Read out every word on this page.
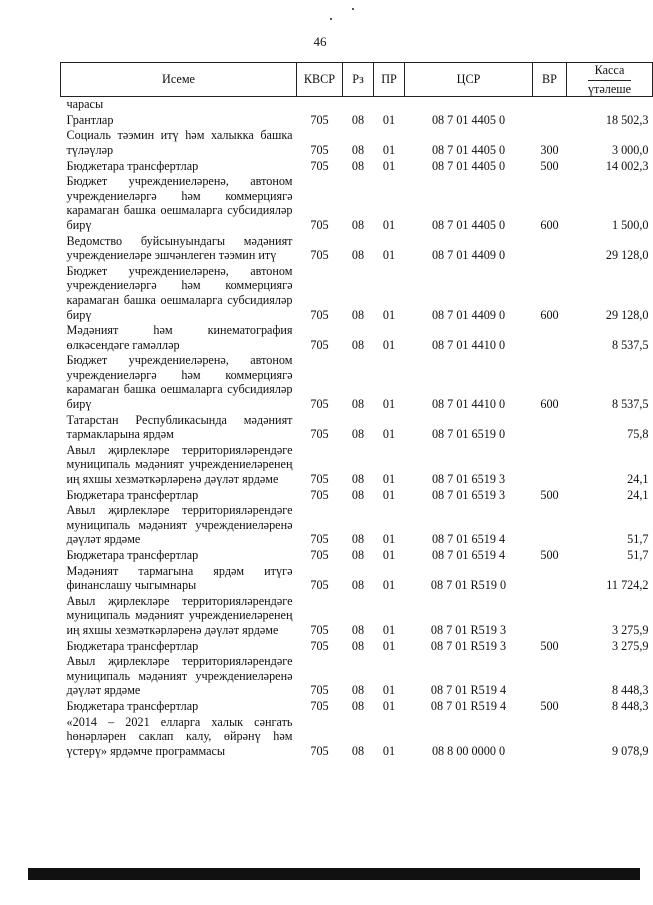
46
Исеме	КВСР	Рз	ПР	ЦСР	ВР	Касса
үтәлеше
чарасы						
Грантлар	705	08	01	08 7 01 4405 0		18 502,3
Социаль тәэмин итү һәм халыкка башка түләүләр	705	08	01	08 7 01 4405 0	300	3 000,0
Бюджетара трансфертлар	705	08	01	08 7 01 4405 0	500	14 002,3
Бюджет учреждениеләренә, автоном учреждениеләргә һәм коммерциягә карамаган башка оешмаларга субсидияләр бирү	705	08	01	08 7 01 4405 0	600	1 500,0
Ведомство буйсынуындагы мәдәният учреждениеләре эшчәнлеген тәэмин итү	705	08	01	08 7 01 4409 0		29 128,0
Бюджет учреждениеләренә, автоном учреждениеләргә һәм коммерциягә карамаган башка оешмаларга субсидияләр бирү	705	08	01	08 7 01 4409 0	600	29 128,0
Мәдәният һәм кинематография өлкәсендәге гамәлләр	705	08	01	08 7 01 4410 0		8 537,5
Бюджет учреждениеләренә, автоном учреждениеләргә һәм коммерциягә карамаган башка оешмаларга субсидияләр бирү	705	08	01	08 7 01 4410 0	600	8 537,5
Татарстан Республикасында мәдәният тармакларына ярдәм	705	08	01	08 7 01 6519 0		75,8
Авыл җирлекләре территорияләрендәге муниципаль мәдәният учреждениеләренең иң яхшы хезмәткәрләренә дәүләт ярдәме	705	08	01	08 7 01 6519 3		24,1
Бюджетара трансфертлар	705	08	01	08 7 01 6519 3	500	24,1
Авыл җирлекләре территорияләрендәге муниципаль мәдәният учреждениеләренә дәүләт ярдәме	705	08	01	08 7 01 6519 4		51,7
Бюджетара трансфертлар	705	08	01	08 7 01 6519 4	500	51,7
Мәдәният тармагына ярдәм итүгә финанслашу чыгымнары	705	08	01	08 7 01 R519 0		11 724,2
Авыл җирлекләре территорияләрендәге муниципаль мәдәният учреждениеләренең иң яхшы хезмәткәрләренә дәүләт ярдәме	705	08	01	08 7 01 R519 3		3 275,9
Бюджетара трансфертлар	705	08	01	08 7 01 R519 3	500	3 275,9
Авыл җирлекләре территорияләрендәге муниципаль мәдәният учреждениеләренә дәүләт ярдәме	705	08	01	08 7 01 R519 4		8 448,3
Бюджетара трансфертлар	705	08	01	08 7 01 R519 4	500	8 448,3
«2014 – 2021 елларга халык сәнгать һөнәрләрен саклап калу, өйрәнү һәм үстерү» ярдәмче программасы	705	08	01	08 8 00 0000 0		9 078,9
